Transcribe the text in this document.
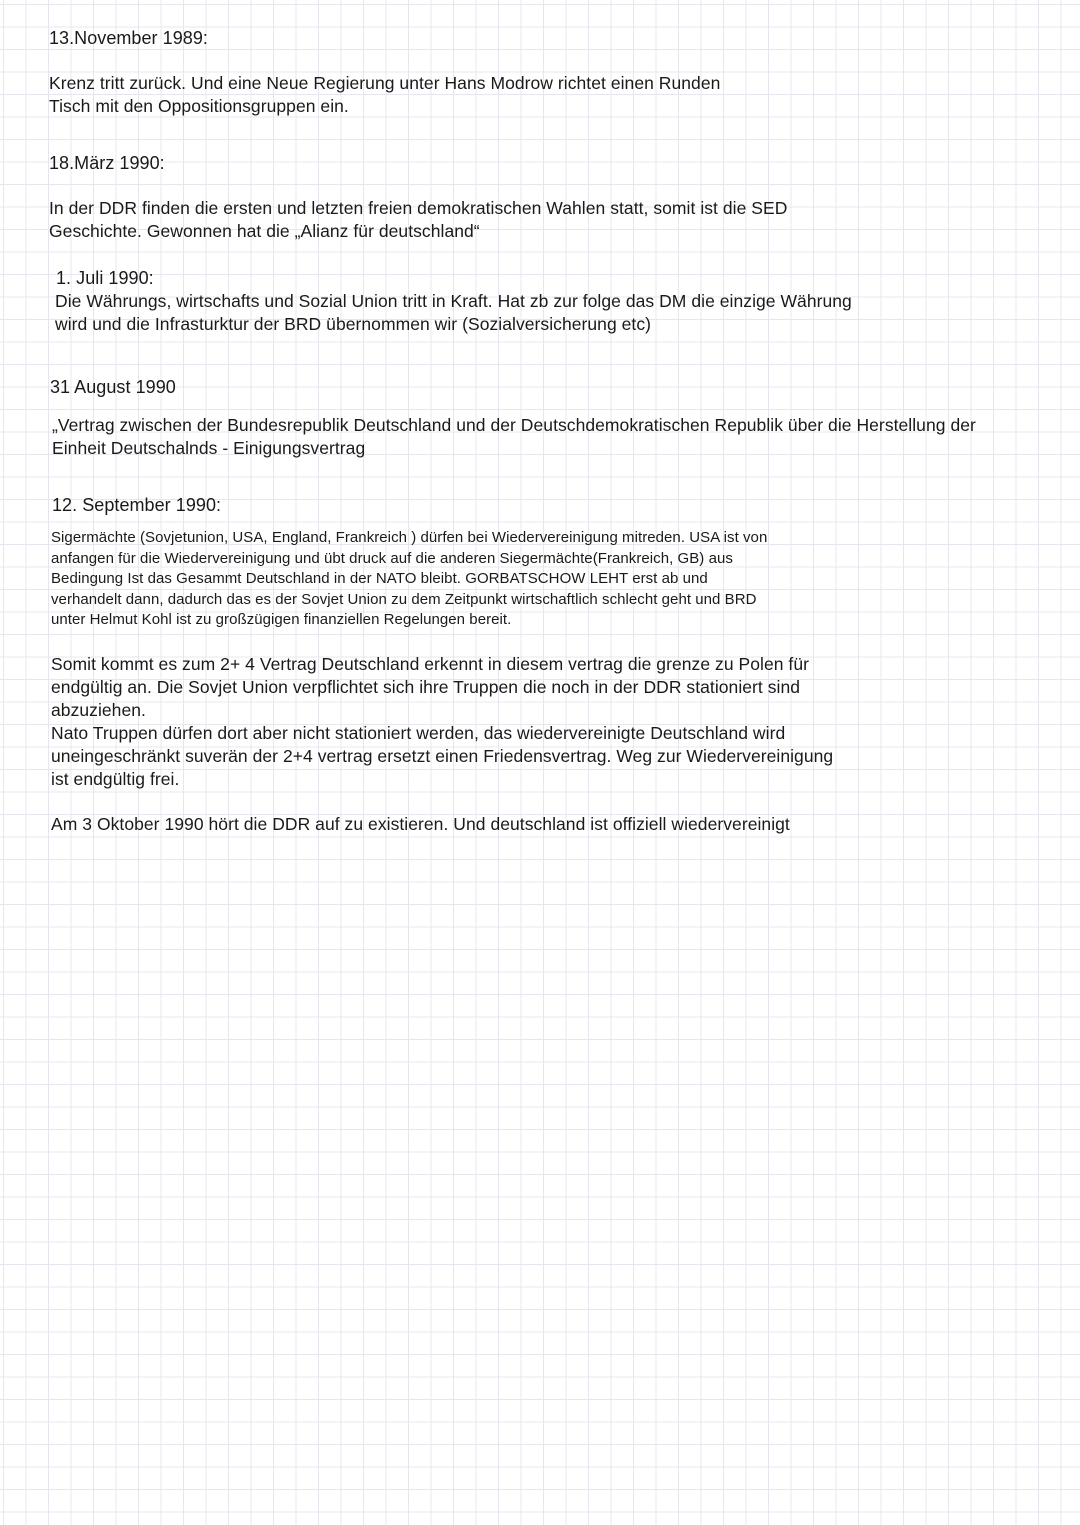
13.November 1989:

Krenz tritt zurück. Und eine Neue Regierung unter Hans Modrow richtet einen Runden
Tisch mit den Oppositionsgruppen ein.

18.März 1990:

In der DDR finden die ersten und letzten freien demokratischen Wahlen statt, somit ist die SED
Geschichte. Gewonnen hat die „Alianz für deutschland“

1. Juli 1990:

Die Währungs, wirtschafts und Sozial Union tritt in Kraft. Hat zb zur folge das DM die einzige Währung
wird und die Infrasturktur der BRD übernommen wir (Sozialversicherung etc)

31 August 1990

„Vertrag zwischen der Bundesrepublik Deutschland und der Deutschdemokratischen Republik über die Herstellung der
Einheit Deutschalnds - Einigungsvertrag

12. September 1990:

Sigermächte (Sovjetunion, USA, England, Frankreich ) dürfen bei Wiedervereinigung mitreden. USA ist von
anfangen für die Wiedervereinigung und übt druck auf die anderen Siegermächte(Frankreich, GB) aus
Bedingung Ist das Gesammt Deutschland in der NATO bleibt. GORBATSCHOW LEHT erst ab und
verhandelt dann, dadurch das es der Sovjet Union zu dem Zeitpunkt wirtschaftlich schlecht geht und BRD
unter Helmut Kohl ist zu großzügigen finanziellen Regelungen bereit.

Somit kommt es zum 2+ 4 Vertrag Deutschland erkennt in diesem vertrag die grenze zu Polen für
endgültig an. Die Sovjet Union verpflichtet sich ihre Truppen die noch in der DDR stationiert sind
abzuziehen.
Nato Truppen dürfen dort aber nicht stationiert werden, das wiedervereinigte Deutschland wird
uneingeschränkt suverän der 2+4 vertrag ersetzt einen Friedensvertrag. Weg zur Wiedervereinigung
ist endgültig frei.

Am 3 Oktober 1990 hört die DDR auf zu existieren. Und deutschland ist offiziell wiedervereinigt
